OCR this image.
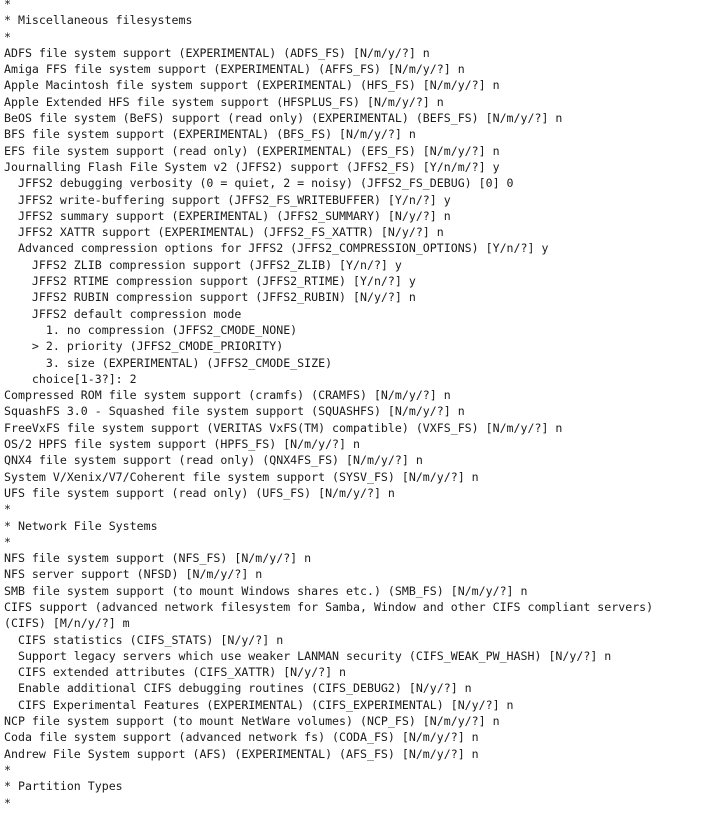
*
* Miscellaneous filesystems
*
ADFS file system support (EXPERIMENTAL) (ADFS_FS) [N/m/y/?] n
Amiga FFS file system support (EXPERIMENTAL) (AFFS_FS) [N/m/y/?] n
Apple Macintosh file system support (EXPERIMENTAL) (HFS_FS) [N/m/y/?] n
Apple Extended HFS file system support (HFSPLUS_FS) [N/m/y/?] n
BeOS file system (BeFS) support (read only) (EXPERIMENTAL) (BEFS_FS) [N/m/y/?] n
BFS file system support (EXPERIMENTAL) (BFS_FS) [N/m/y/?] n
EFS file system support (read only) (EXPERIMENTAL) (EFS_FS) [N/m/y/?] n
Journalling Flash File System v2 (JFFS2) support (JFFS2_FS) [Y/n/m/?] y
JFFS2 debugging verbosity (0 = quiet, 2 = noisy) (JFFS2_FS_DEBUG) [0] 0
JFFS2 write-buffering support (JFFS2_FS_WRITEBUFFER) [Y/n/?] y
JFFS2 summary support (EXPERIMENTAL) (JFFS2_SUMMARY) [N/y/?] n
JFFS2 XATTR support (EXPERIMENTAL) (JFFS2_FS_XATTR) [N/y/?] n
Advanced compression options for JFFS2 (JFFS2_COMPRESSION_OPTIONS) [Y/n/?] y
JFFS2 ZLIB compression support (JFFS2_ZLIB) [Y/n/?] y
JFFS2 RTIME compression support (JFFS2_RTIME) [Y/n/?] y
JFFS2 RUBIN compression support (JFFS2_RUBIN) [N/y/?] n
JFFS2 default compression mode
1. no compression (JFFS2_CMODE_NONE)
> 2. priority (JFFS2_CMODE_PRIORITY)
3. size (EXPERIMENTAL) (JFFS2_CMODE_SIZE)
choice[1-3?]: 2
Compressed ROM file system support (cramfs) (CRAMFS) [N/m/y/?] n
SquashFS 3.0 - Squashed file system support (SQUASHFS) [N/m/y/?] n
FreeVxFS file system support (VERITAS VxFS(TM) compatible) (VXFS_FS) [N/m/y/?] n
OS/2 HPFS file system support (HPFS_FS) [N/m/y/?] n
QNX4 file system support (read only) (QNX4FS_FS) [N/m/y/?] n
System V/Xenix/V7/Coherent file system support (SYSV_FS) [N/m/y/?] n
UFS file system support (read only) (UFS_FS) [N/m/y/?] n
*
* Network File Systems
*
NFS file system support (NFS_FS) [N/m/y/?] n
NFS server support (NFSD) [N/m/y/?] n
SMB file system support (to mount Windows shares etc.) (SMB_FS) [N/m/y/?] n
CIFS support (advanced network filesystem for Samba, Window and other CIFS compliant servers)
(CIFS) [M/n/y/?] m
CIFS statistics (CIFS_STATS) [N/y/?] n
Support legacy servers which use weaker LANMAN security (CIFS_WEAK_PW_HASH) [N/y/?] n
CIFS extended attributes (CIFS_XATTR) [N/y/?] n
Enable additional CIFS debugging routines (CIFS_DEBUG2) [N/y/?] n
CIFS Experimental Features (EXPERIMENTAL) (CIFS_EXPERIMENTAL) [N/y/?] n
NCP file system support (to mount NetWare volumes) (NCP_FS) [N/m/y/?] n
Coda file system support (advanced network fs) (CODA_FS) [N/m/y/?] n
Andrew File System support (AFS) (EXPERIMENTAL) (AFS_FS) [N/m/y/?] n
*
* Partition Types
*
